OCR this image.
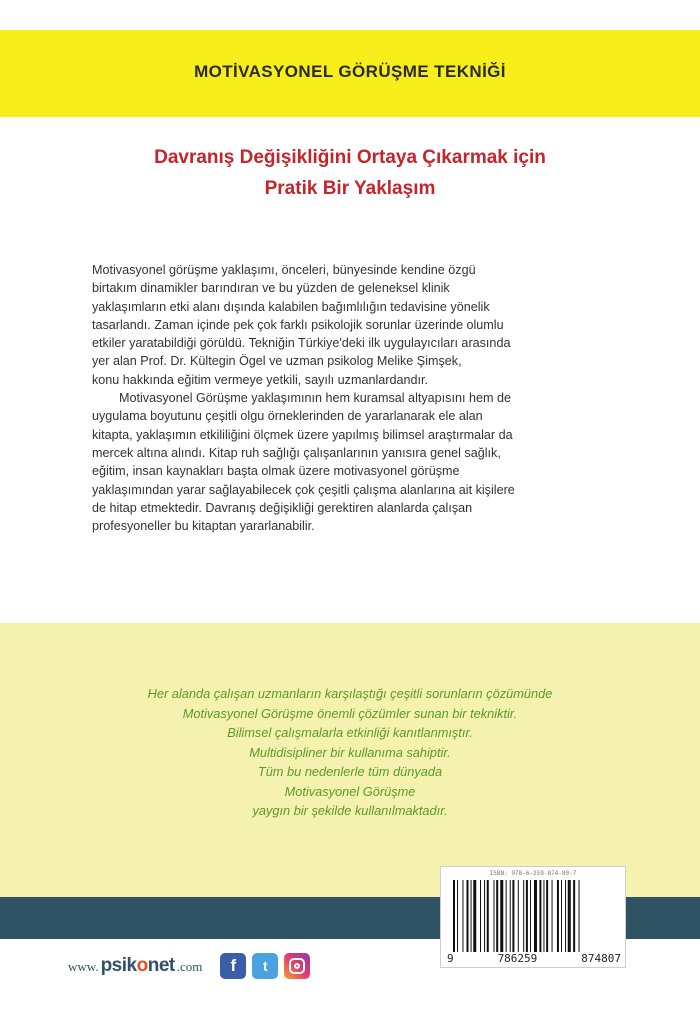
MOTİVASYONEL GÖRÜŞME TEKNİĞİ
Davranış Değişikliğini Ortaya Çıkarmak için
Pratik Bir Yaklaşım
Motivasyonel görüşme yaklaşımı, önceleri, bünyesinde kendine özgü
birtakım dinamikler barındıran ve bu yüzden de geleneksel klinik
yaklaşımların etki alanı dışında kalabilen bağımlılığın tedavisine yönelik
tasarlandı. Zaman içinde pek çok farklı psikolojik sorunlar üzerinde olumlu
etkiler yaratabildiği görüldü. Tekniğin Türkiye'deki ilk uygulayıcıları arasında
yer alan Prof. Dr. Kültegin Ögel ve uzman psikolog Melike Şimşek,
konu hakkında eğitim vermeye yetkili, sayılı uzmanlardandır.
Motivasyonel Görüşme yaklaşımının hem kuramsal altyapısını hem de
uygulama boyutunu çeşitli olgu örneklerinden de yararlanarak ele alan
kitapta, yaklaşımın etkililiğini ölçmek üzere yapılmış bilimsel araştırmalar da
mercek altına alındı. Kitap ruh sağlığı çalışanlarının yanısıra genel sağlık,
eğitim, insan kaynakları başta olmak üzere motivasyonel görüşme
yaklaşımından yarar sağlayabilecek çok çeşitli çalışma alanlarına ait kişilere
de hitap etmektedir. Davranış değişikliği gerektiren alanlarda çalışan
profesyoneller bu kitaptan yararlanabilir.
Her alanda çalışan uzmanların karşılaştığı çeşitli sorunların çözümünde
Motivasyonel Görüşme önemli çözümler sunan bir tekniktir.
Bilimsel çalışmalarla etkinliği kanıtlanmıştır.
Multidisipliner bir kullanıma sahiptir.
Tüm bu nedenlerle tüm dünyada
Motivasyonel Görüşme
yaygın bir şekilde kullanılmaktadır.
ISBN: 978-6-259-874-80-7
9	786259	874807
www. psikonet .com	f	t
